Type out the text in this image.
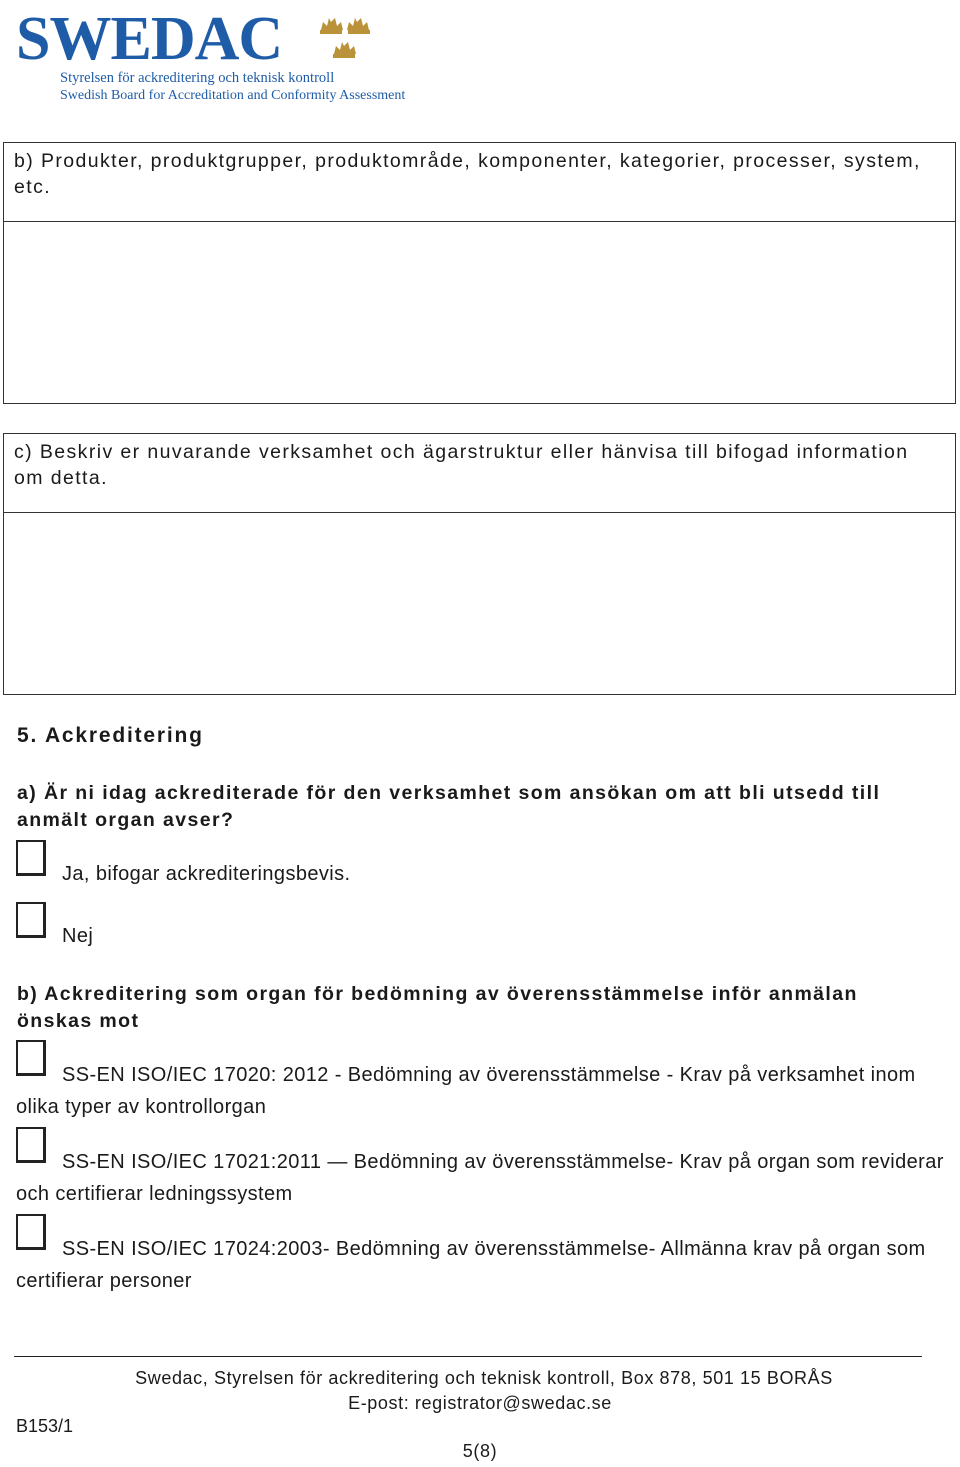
SWEDAC
Styrelsen för ackreditering och teknisk kontroll
Swedish Board for Accreditation and Conformity Assessment
b) Produkter, produktgrupper, produktområde, komponenter, kategorier, processer, system, etc.
c) Beskriv er nuvarande verksamhet och ägarstruktur eller hänvisa till bifogad information om detta.
5. Ackreditering
a) Är ni idag ackrediterade för den verksamhet som ansökan om att bli utsedd till anmält organ avser?
Ja, bifogar ackrediteringsbevis.
Nej
b) Ackreditering som organ för bedömning av överensstämmelse inför anmälan önskas mot
SS-EN ISO/IEC 17020: 2012 - Bedömning av överensstämmelse - Krav på verksamhet inom olika typer av kontrollorgan
SS-EN ISO/IEC 17021:2011 — Bedömning av överensstämmelse- Krav på organ som reviderar och certifierar ledningssystem
SS-EN ISO/IEC 17024:2003- Bedömning av överensstämmelse- Allmänna krav på organ som certifierar personer
Swedac, Styrelsen för ackreditering och teknisk kontroll, Box 878, 501 15 BORÅS
E-post: registrator@swedac.se
B153/1
5(8)
